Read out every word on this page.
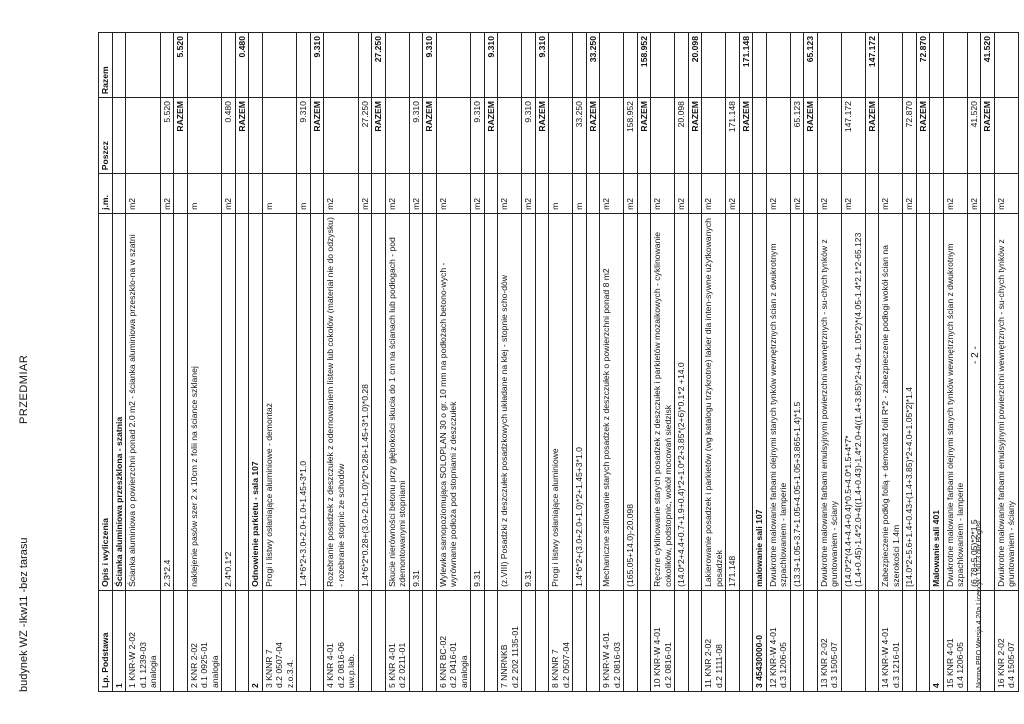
budynek WZ -Ikw11 -bez tarasu
PRZEDMIAR
Lp. Podstawa	Opis i wyliczenia	j.m.	Poszcz	Razem
1	Ścianka aluminiowa przeszklona - szatnia			

1 KNR-W 2-02 d.1 1239-03 analogia	Ścianka aluminiowa o powierzchni ponad 2.0 m2 - ścianka aluminiowa przeszklo-na w szatni	m2		
	2.3*2.4	m2	5.520	
			RAZEM	5.520

2 KNR 2-02 d.1 0925-01 analogia	naklejenie pasów szer 2 x 10cm z folii na ściance szklanej	m		
	2.4*0.1*2	m2	0.480	
			RAZEM	0.480
2	Odnowienie parkietu - sala 107			

3 KNNR 7 d.2 0507-04 z.o.3.4.	Progi i listwy osłaniające aluminiowe - demontaż	m		
	1.4*6*2+3.0+2.0+1.0+1.45+3*1.0	m	9.310	
			RAZEM	9.310

4 KNR 4-01 d.2 0816-06 uw.p.lab.	Rozebranie posadzek z deszczułek z odernowaniem listew lub cokołów (materiał nie do odzysku) - rozebranie stopnic ze schodów	m2		
	1.4*6*2*0.28+(3.0+2.0+1.0)*2*0.28+1.45+3*1.0)*0.28	m2	27.250	
			RAZEM	27.250

5 KNR 4-01 d.2 0211-01	Skucie nierówności betonu przy głębokości skucia do 1 cm na ścianach lub podłogach - pod zdemontowanymi stopniami	m2		
	9.31	m2	9.310	
			RAZEM	9.310

6 KNR BC-02 d.2 0416-01 analogia	Wylewka samopoziomująca SOLOPLAN 30 o gr. 10 mm na podłożach betono-wych - wyrównanie podłoża pod stopniami z deszczułek	m2		
	9.31	m2	9.310	
			RAZEM	9.310

7 NNRNKB d.2 202 1135-01	(z.VIII) Posadzki z deszczułek posadzkowych układane na klej - stopnie scho-dów	m2		
	9.31	m2	9.310	
			RAZEM	9.310

8 KNNR 7 d.2 0507-04	Progi i listwy osłaniające aluminiowe	m		
	1.4*6*2+(3.0+2.0+1.0)*2+1.45+3*1.0	m	33.250	
			RAZEM	33.250

9 KNR-W 4-01 d.2 0816-03	Mechaniczne szlifowanie starych posadzek z deszczułek o powierzchni ponad 8 m2	m2		
	(165.05+14.0)-20.098	m2	158.952	
			RAZEM	158.952

10 KNR-W 4-01 d.2 0816-01	Ręczne cyklinowanie starych posadzek z deszczułek i parkietów mozaikowych - cyklinowanie cokolików, podstopnic, wokół mocowań siedzisk	m2		
	(14.0*2+4.4+0.7+1.9+0.4)*2+1.0*2+3.85*(2+6)*0.1*2 +14.0	m2	20.098	
			RAZEM	20.098

11 KNR 2-02 d.2 1111-08	Lakierowanie posadzek i parkietów (wg katalogu trzykrotne) lakier dla inten-sywne użytkowanych posadzek	m2		
	171.148	m2	171.148	
			RAZEM	171.148
3 45430000-0	malowanie sali 107			

12 KNR-W 4-01 d.3 1206-05	Dwukrotne malowanie farbami olejnymi starych tynków wewnętrznych ścian z dwukrotnym szpachlowaniem - lamperie	m2		
	(13.3+1.05+3.7+1.05+4.05+1.05+3.865+1.4)*1.5	m2	65.123	
			RAZEM	65.123

13 KNR 2-02 d.3 1505-07	Dwukrotne malowanie farbami emulsyjnymi powierzchni wewnętrznych - su-chych tynków z gruntowaniem - ściany	m2		
	(14.0*2*(4.4+4.4+0.4)*0.5+4.0*1.5+4*7*(1.4+0.45)-1.4*2.0+4((1.4+0.43)-1.4*2.0+4((1.4+3.85)*2+4.0+ 1.05*2)*(4.05-1.4*2.1*2-65.123	m2	147.172	
			RAZEM	147.172

14 KNR-W 4-01 d.3 1216-01	Zabezpieczenie podłóg folią + demontaż folii R*2 - zabezpieczenie podłogi wokół ścian na szerokości 1.4m	m2		
	[14.0*2+5.6+1.4+0.43+(1.4+3.85)*2+4.0+1.05*2]*1.4	m2	72.870	
			RAZEM	72.870
4	Malowanie sali 401			

15 KNR 4-01 d.4 1206-05	Dwukrotne malowanie farbami olejnymi starych tynków wewnętrznych ścian z dwukrotnym szpachlowaniem - lamperie	m2		
	(6.78+5.05)*2*1.5	m2	41.520	
			RAZEM	41.520

16 KNR 2-02 d.4 1505-07	Dwukrotne malowanie farbami emulsyjnymi powierzchni wewnętrznych - su-chych tynków z gruntowaniem - ściany	m2		
Norma PRO Wersja 4.20a Licencja: 15073 dla Bogusi
- 2 -
